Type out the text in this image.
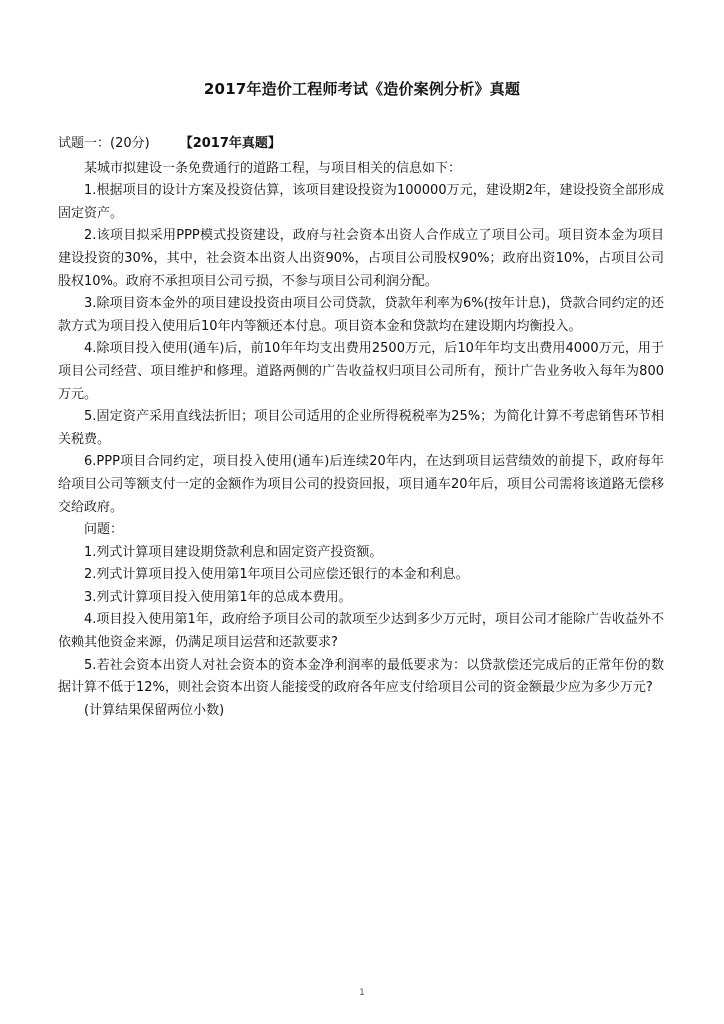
2017年造价工程师考试《造价案例分析》真题
试题一：(20分) 【2017年真题】

某城市拟建设一条免费通行的道路工程，与项目相关的信息如下：

1.根据项目的设计方案及投资估算，该项目建设投资为100000万元，建设期2年，建设投资全部形成固定资产。

2.该项目拟采用PPP模式投资建设，政府与社会资本出资人合作成立了项目公司。项目资本金为项目建设投资的30%，其中，社会资本出资人出资90%，占项目公司股权90%；政府出资10%，占项目公司股权10%。政府不承担项目公司亏损，不参与项目公司利润分配。

3.除项目资本金外的项目建设投资由项目公司贷款，贷款年利率为6%(按年计息)，贷款合同约定的还款方式为项目投入使用后10年内等额还本付息。项目资本金和贷款均在建设期内均衡投入。

4.除项目投入使用(通车)后，前10年年均支出费用2500万元，后10年年均支出费用4000万元，用于项目公司经营、项目维护和修理。道路两侧的广告收益权归项目公司所有，预计广告业务收入每年为800万元。

5.固定资产采用直线法折旧；项目公司适用的企业所得税税率为25%；为简化计算不考虑销售环节相关税费。

6.PPP项目合同约定，项目投入使用(通车)后连续20年内，在达到项目运营绩效的前提下，政府每年给项目公司等额支付一定的金额作为项目公司的投资回报，项目通车20年后，项目公司需将该道路无偿移交给政府。

问题：

1.列式计算项目建设期贷款利息和固定资产投资额。

2.列式计算项目投入使用第1年项目公司应偿还银行的本金和利息。

3.列式计算项目投入使用第1年的总成本费用。

4.项目投入使用第1年，政府给予项目公司的款项至少达到多少万元时，项目公司才能除广告收益外不依赖其他资金来源，仍满足项目运营和还款要求?

5.若社会资本出资人对社会资本的资本金净利润率的最低要求为：以贷款偿还完成后的正常年份的数据计算不低于12%，则社会资本出资人能接受的政府各年应支付给项目公司的资金额最少应为多少万元?

(计算结果保留两位小数)

1
